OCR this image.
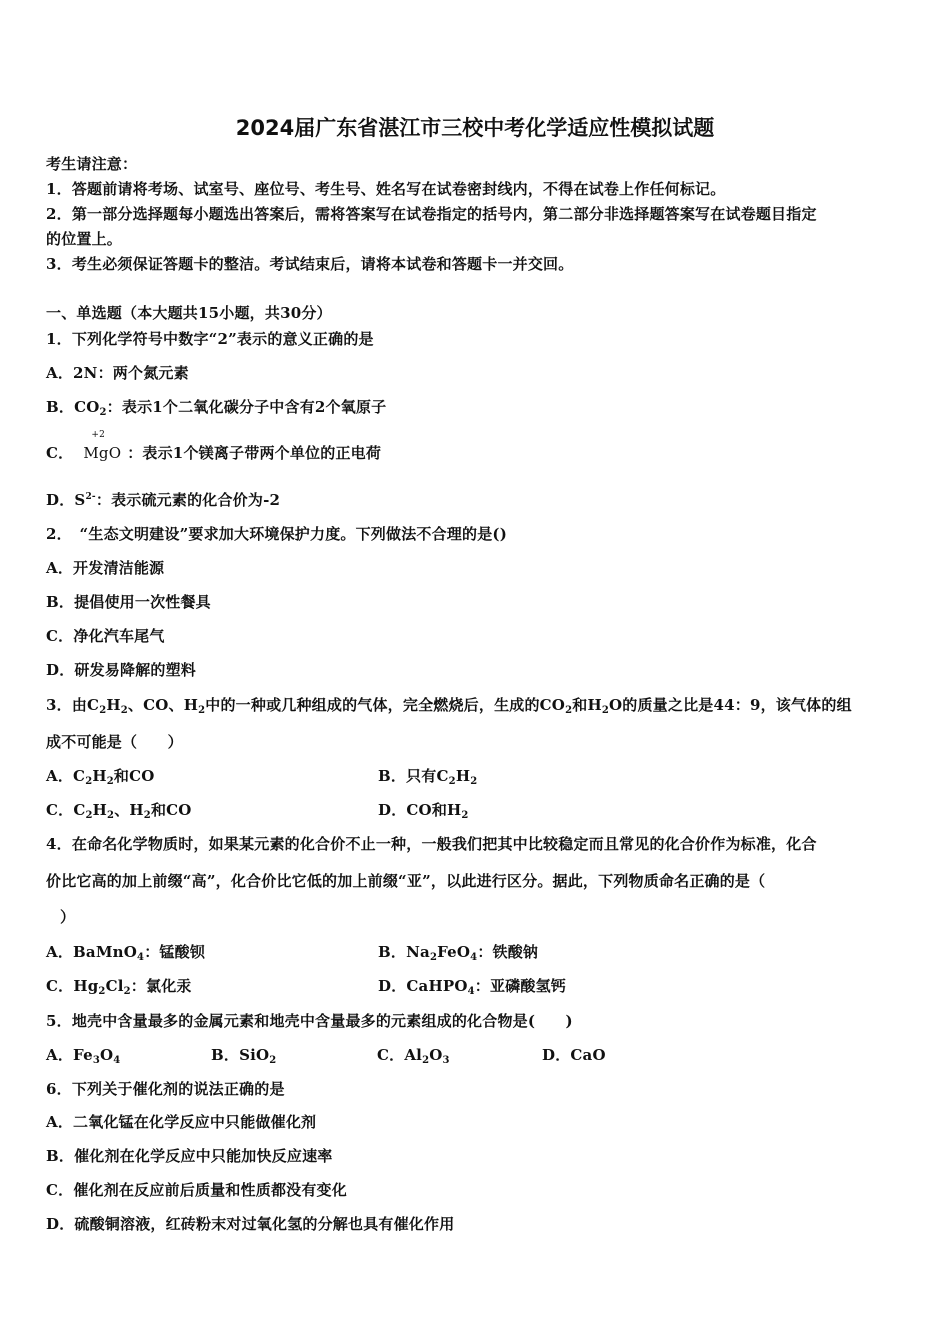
2024届广东省湛江市三校中考化学适应性模拟试题
考生请注意：
1．答题前请将考场、试室号、座位号、考生号、姓名写在试卷密封线内，不得在试卷上作任何标记。
2．第一部分选择题每小题选出答案后，需将答案写在试卷指定的括号内，第二部分非选择题答案写在试卷题目指定
的位置上。
3．考生必须保证答题卡的整洁。考试结束后，请将本试卷和答题卡一并交回。
一、单选题（本大题共15小题，共30分）
1．下列化学符号中数字“2”表示的意义正确的是
A．2N：两个氮元素
B．$CO_2$：表示1个二氧化碳分子中含有2个氧原子
C．
+2
MgO ：表示1个镁离子带两个单位的正电荷
D．$S^{2-}$：表示硫元素的化合价为-2
2．　“生态文明建设”要求加大环境保护力度。下列做法不合理的是()
A．开发清洁能源
B．提倡使用一次性餐具
C．净化汽车尾气
D．研发易降解的塑料
3．由$C_2H_2$、CO、$H_2$中的一种或几种组成的气体，完全燃烧后，生成的$CO_2$和$H_2O$的质量之比是44：9，该气体的组
成不可能是（　　）
A．$C_2H_2$和CO	B．只有$C_2H_2$
C．$C_2H_2$、$H_2$和CO	D．CO和$H_2$
4．在命名化学物质时，如果某元素的化合价不止一种，一般我们把其中比较稳定而且常见的化合价作为标准，化合
价比它高的加上前缀“高”，化合价比它低的加上前缀“亚”，以此进行区分。据此，下列物质命名正确的是（
）
A．BaMnO$_4$：锰酸钡	B．$Na_2FeO_4$：铁酸钠
C．$Hg_2Cl_2$：氯化汞	D．CaHPO$_4$：亚磷酸氢钙
5．地壳中含量最多的金属元素和地壳中含量最多的元素组成的化合物是(　　)
A．$Fe_3O_4$	B．SiO$_2$	C．$Al_2O_3$	D．CaO
6．下列关于催化剂的说法正确的是
A．二氧化锰在化学反应中只能做催化剂
B．催化剂在化学反应中只能加快反应速率
C．催化剂在反应前后质量和性质都没有变化
D．硫酸铜溶液，红砖粉末对过氧化氢的分解也具有催化作用
